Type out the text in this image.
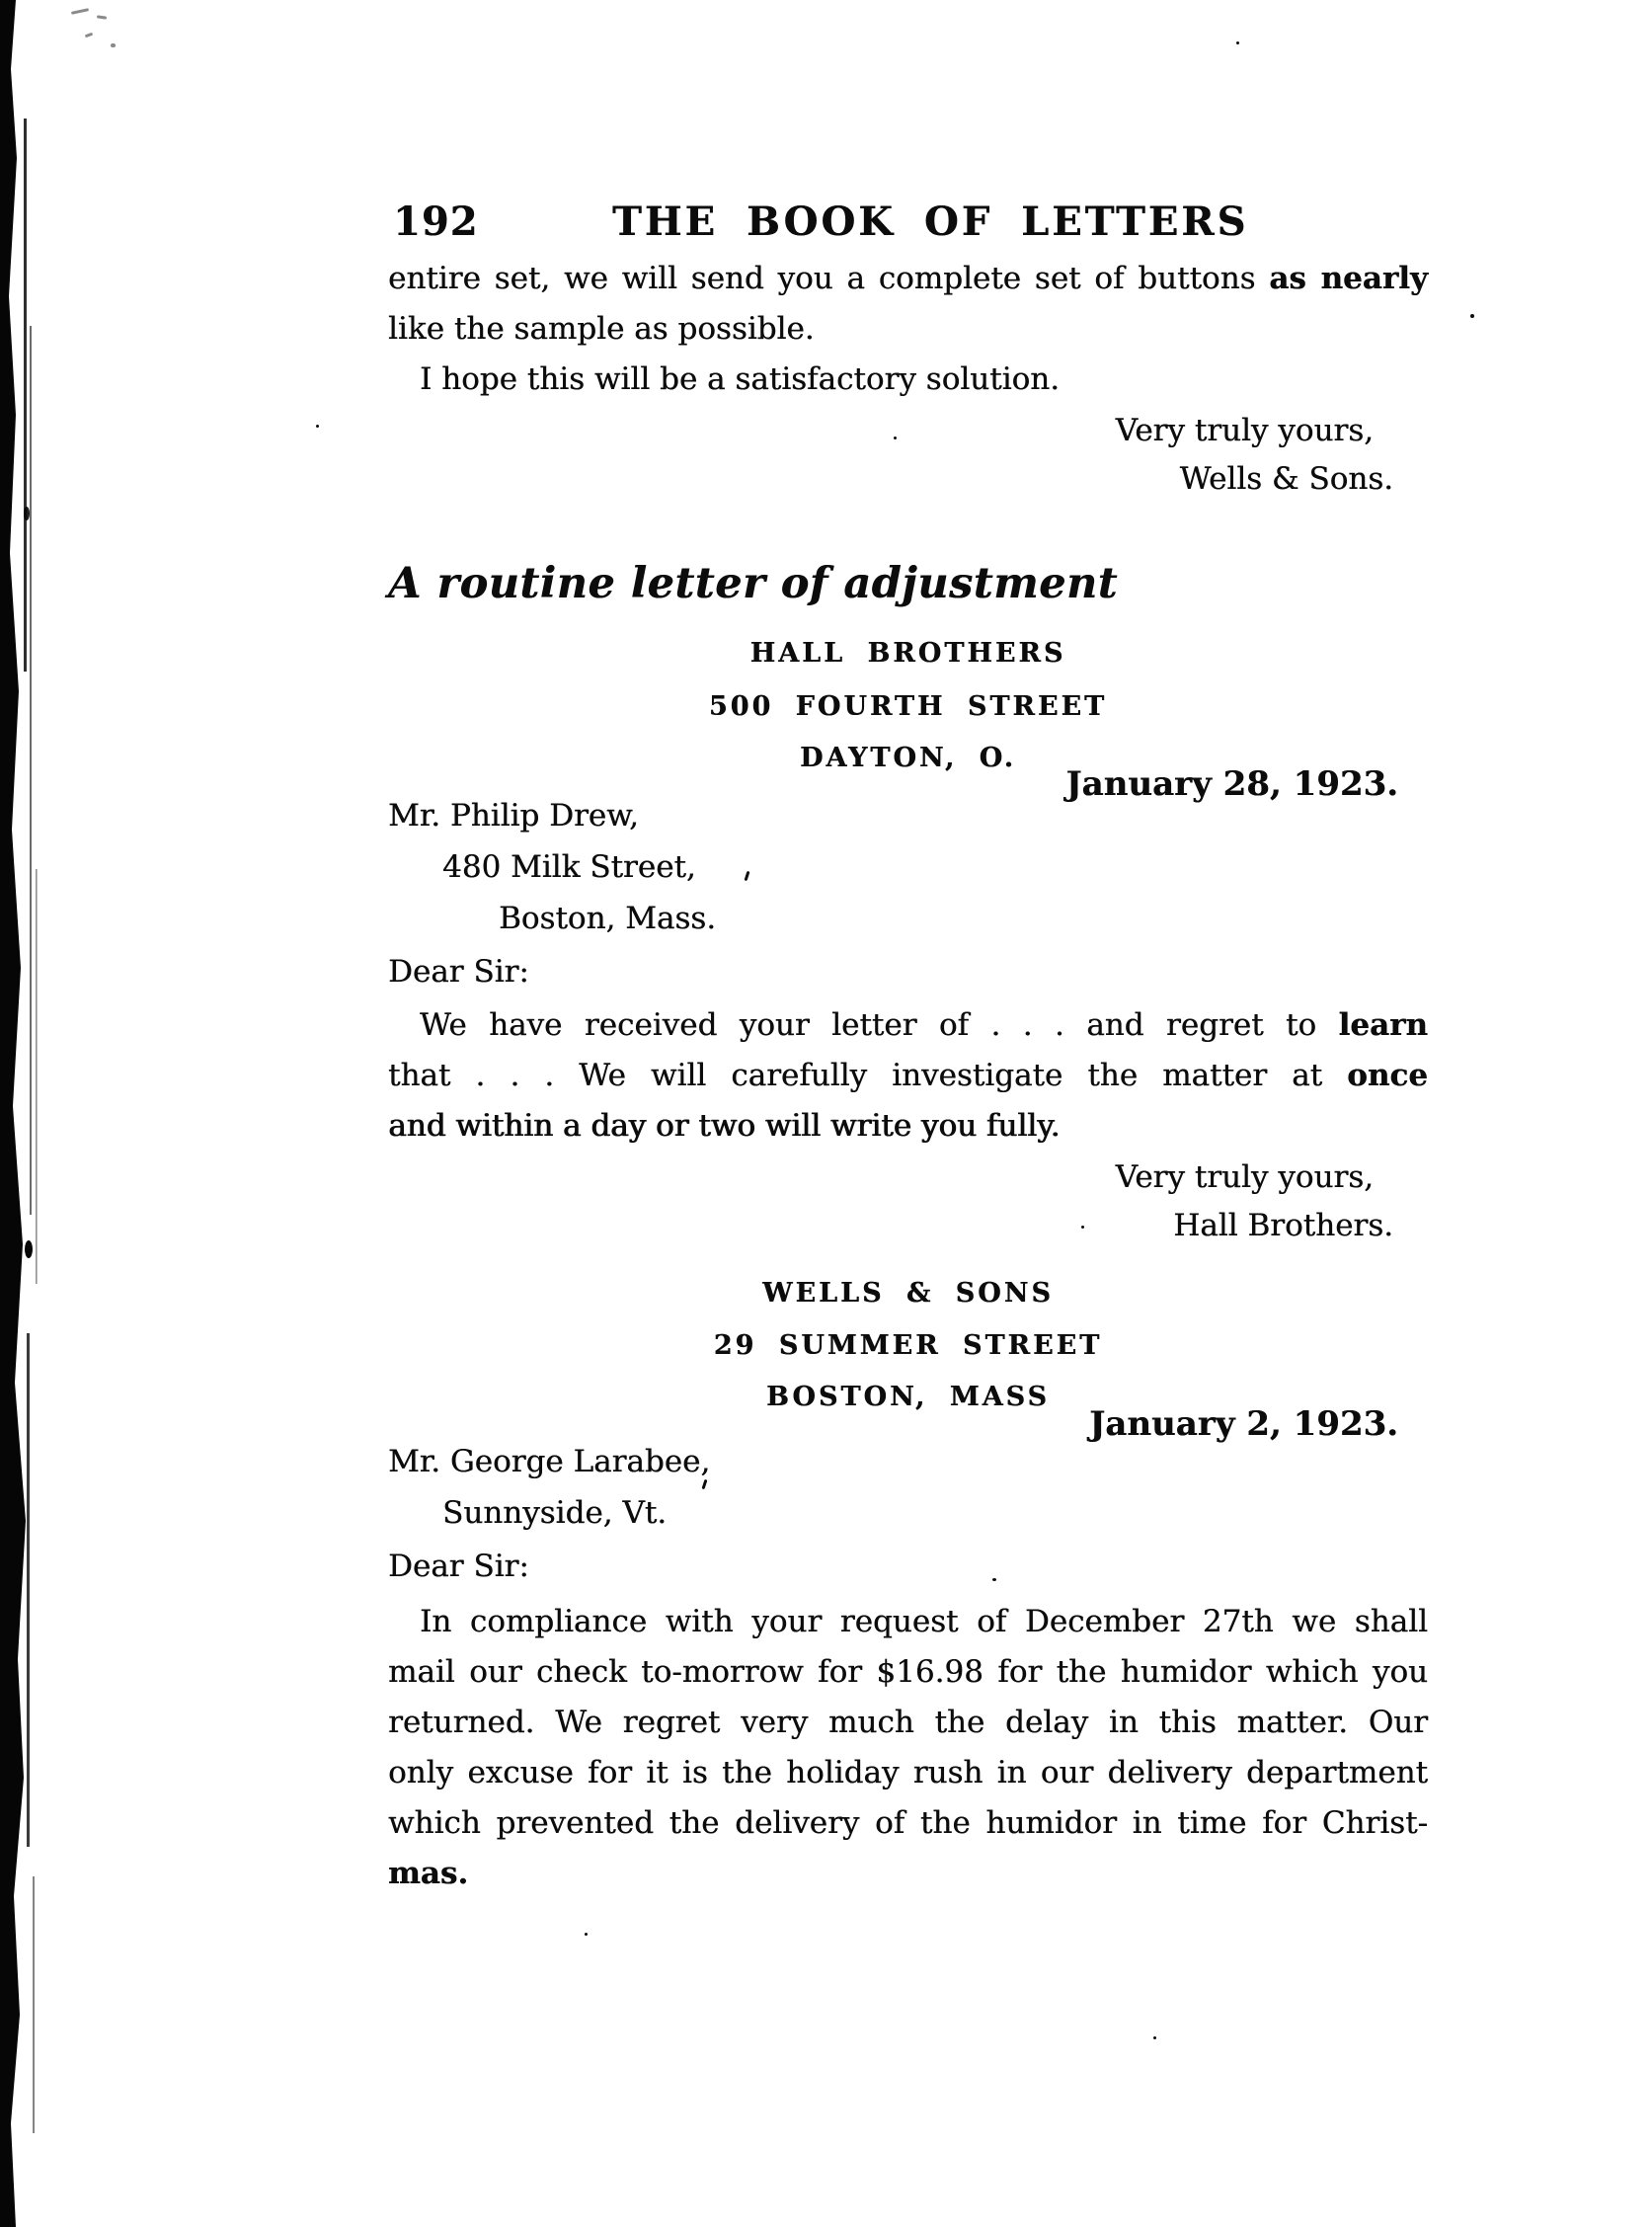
192	THE BOOK OF LETTERS
entire set, we will send you a complete set of buttons as nearly
like the sample as possible.
I hope this will be a satisfactory solution.
Very truly yours,
Wells & Sons.
A routine letter of adjustment
HALL BROTHERS
500 FOURTH STREET
DAYTON, O.
January 28, 1923.
Mr. Philip Drew,
480 Milk Street,
Boston, Mass.
Dear Sir:
We have received your letter of . . . and regret to learn
that . . . We will carefully investigate the matter at once
and within a day or two will write you fully.
Very truly yours,
Hall Brothers.
WELLS & SONS
29 SUMMER STREET
BOSTON, MASS
January 2, 1923.
Mr. George Larabee,
Sunnyside, Vt.
Dear Sir:
In compliance with your request of December 27th we shall
mail our check to-morrow for $16.98 for the humidor which you
returned. We regret very much the delay in this matter. Our
only excuse for it is the holiday rush in our delivery department
which prevented the delivery of the humidor in time for Christ-
mas.
